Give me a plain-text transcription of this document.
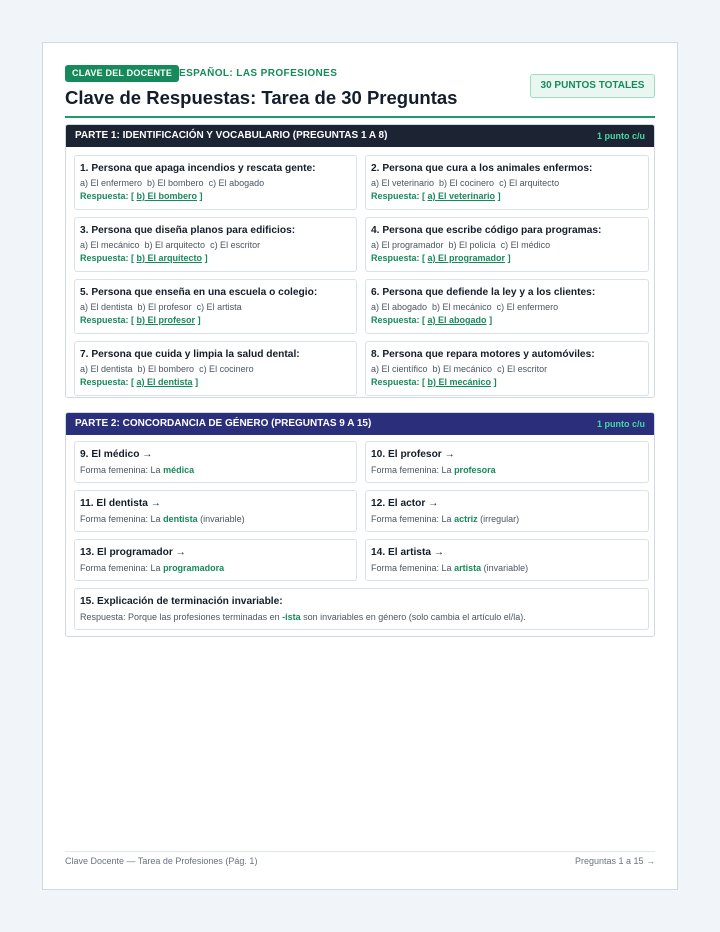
CLAVE DEL DOCENTE ESPAÑOL: LAS PROFESIONES
Clave de Respuestas: Tarea de 30 Preguntas
30 PUNTOS TOTALES
PARTE 1: IDENTIFICACIÓN Y VOCABULARIO (PREGUNTAS 1 A 8)	1 punto c/u
1. Persona que apaga incendios y rescata gente:
a) El enfermero b) El bombero c) El abogado
Respuesta: [ b) El bombero ]
2. Persona que cura a los animales enfermos:
a) El veterinario b) El cocinero c) El arquitecto
Respuesta: [ a) El veterinario ]
3. Persona que diseña planos para edificios:
a) El mecánico b) El arquitecto c) El escritor
Respuesta: [ b) El arquitecto ]
4. Persona que escribe código para programas:
a) El programador b) El policía c) El médico
Respuesta: [ a) El programador ]
5. Persona que enseña en una escuela o colegio:
a) El dentista b) El profesor c) El artista
Respuesta: [ b) El profesor ]
6. Persona que defiende la ley y a los clientes:
a) El abogado b) El mecánico c) El enfermero
Respuesta: [ a) El abogado ]
7. Persona que cuida y limpia la salud dental:
a) El dentista b) El bombero c) El cocinero
Respuesta: [ a) El dentista ]
8. Persona que repara motores y automóviles:
a) El científico b) El mecánico c) El escritor
Respuesta: [ b) El mecánico ]
PARTE 2: CONCORDANCIA DE GÉNERO (PREGUNTAS 9 A 15)	1 punto c/u
9. El médico →
Forma femenina: La médica
10. El profesor →
Forma femenina: La profesora
11. El dentista →
Forma femenina: La dentista (invariable)
12. El actor →
Forma femenina: La actriz (irregular)
13. El programador →
Forma femenina: La programadora
14. El artista →
Forma femenina: La artista (invariable)
15. Explicación de terminación invariable:
Respuesta: Porque las profesiones terminadas en -ista son invariables en género (solo cambia el artículo el/la).
Clave Docente — Tarea de Profesiones (Pág. 1)	Preguntas 1 a 15 →
